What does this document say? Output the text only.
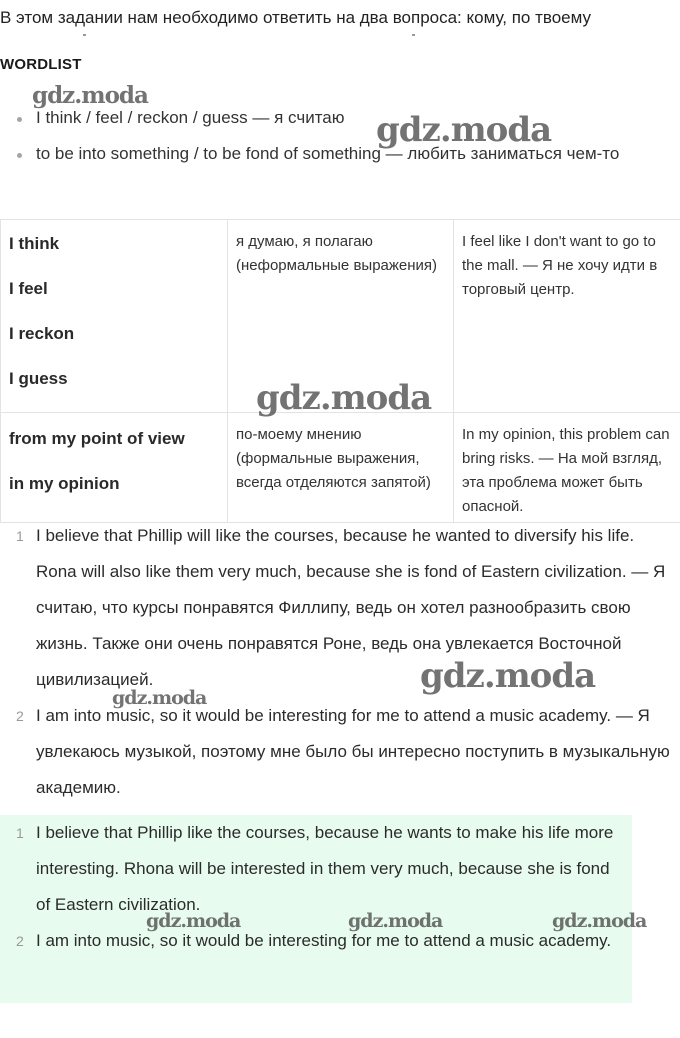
В этом задании нам необходимо ответить на два вопроса: кому, по твоему
WORDLIST
I think / feel / reckon / guess — я считаю
to be into something / to be fond of something — любить заниматься чем-то
I think
I feel
I reckon
I guess	я думаю, я полагаю (неформальные выражения)	I feel like I don't want to go to the mall. — Я не хочу идти в торговый центр.

from my point of view
in my opinion	по-моему мнению (формальные выражения, всегда отделяются запятой)	In my opinion, this problem can bring risks. — На мой взгляд, эта проблема может быть опасной.
1 I believe that Phillip will like the courses, because he wanted to diversify his life. Rona will also like them very much, because she is fond of Eastern civilization. — Я считаю, что курсы понравятся Филлипу, ведь он хотел разнообразить свою жизнь. Также они очень понравятся Роне, ведь она увлекается Восточной цивилизацией.
2 I am into music, so it would be interesting for me to attend a music academy. — Я увлекаюсь музыкой, поэтому мне было бы интересно поступить в музыкальную академию.
1 I believe that Phillip like the courses, because he wants to make his life more interesting. Rhona will be interested in them very much, because she is fond of Eastern civilization.
2 I am into music, so it would be interesting for me to attend a music academy.
gdz.moda
gdz.moda
gdz.moda
gdz.moda
gdz.moda
gdz.moda	gdz.moda	gdz.moda
